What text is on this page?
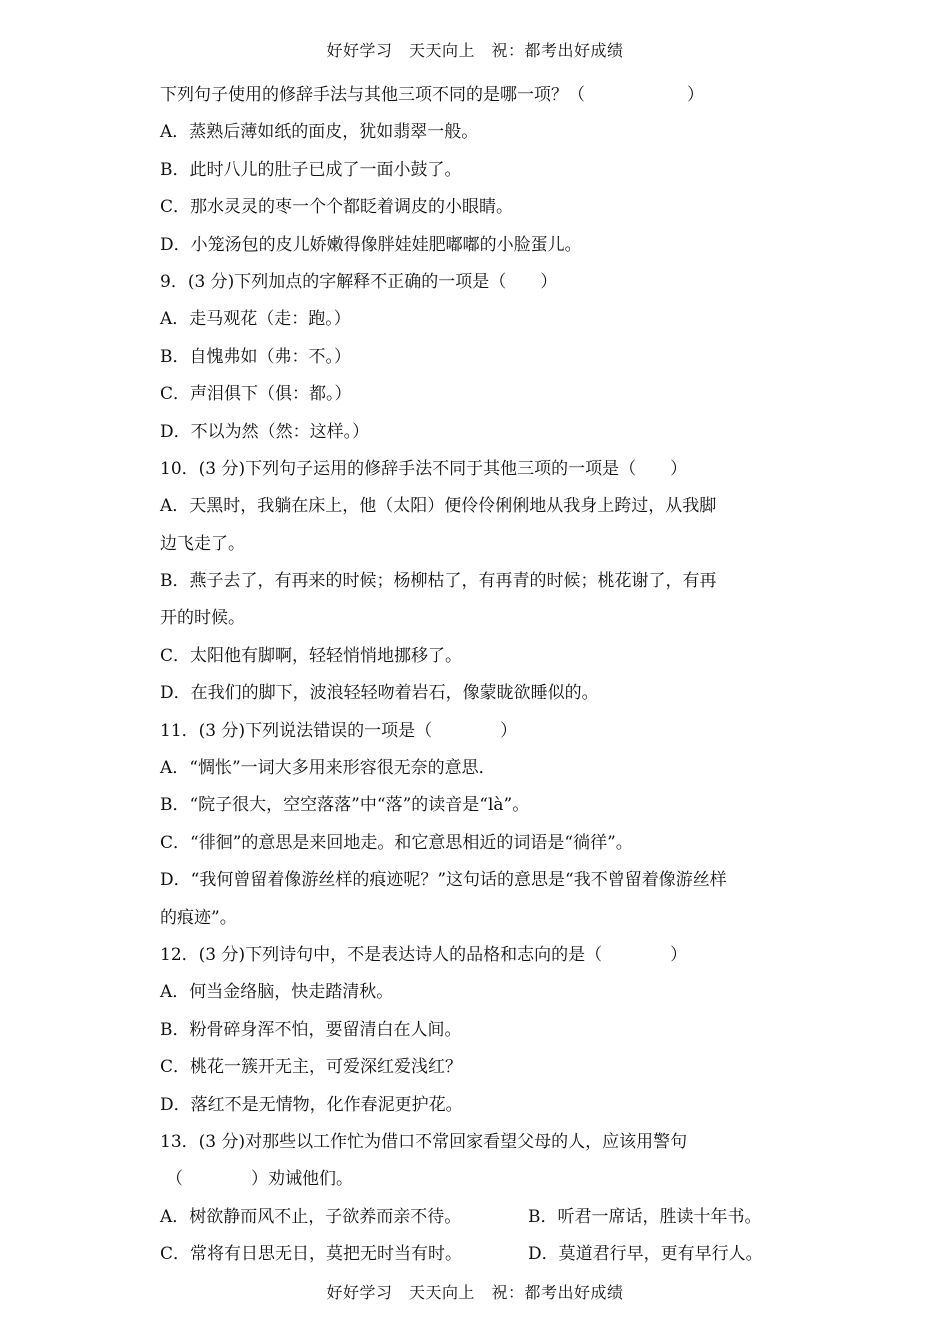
好好学习　天天向上　祝：都考出好成绩
下列句子使用的修辞手法与其他三项不同的是哪一项？（　　　　　　）
A．蒸熟后薄如纸的面皮，犹如翡翠一般。
B．此时八儿的肚子已成了一面小鼓了。
C．那水灵灵的枣一个个都眨着调皮的小眼睛。
D．小笼汤包的皮儿娇嫩得像胖娃娃肥嘟嘟的小脸蛋儿。
9．(3 分)下列加点的字解释不正确的一项是（　　）
A．走马观花（走：跑。）
B．自愧弗如（弗：不。）
C．声泪俱下（俱：都。）
D．不以为然（然：这样。）
10．(3 分)下列句子运用的修辞手法不同于其他三项的一项是（　　）
A．天黑时，我躺在床上，他（太阳）便伶伶俐俐地从我身上跨过，从我脚
边飞走了。
B．燕子去了，有再来的时候；杨柳枯了，有再青的时候；桃花谢了，有再
开的时候。
C．太阳他有脚啊，轻轻悄悄地挪移了。
D．在我们的脚下，波浪轻轻吻着岩石，像蒙眬欲睡似的。
11．(3 分)下列说法错误的一项是（　　　　）
A．“惆怅”一词大多用来形容很无奈的意思．
B．“院子很大，空空落落”中“落”的读音是“là”。
C．“徘徊”的意思是来回地走。和它意思相近的词语是“徜徉”。
D．“我何曾留着像游丝样的痕迹呢？”这句话的意思是“我不曾留着像游丝样
的痕迹”。
12．(3 分)下列诗句中，不是表达诗人的品格和志向的是（　　　　）
A．何当金络脑，快走踏清秋。
B．粉骨碎身浑不怕，要留清白在人间。
C．桃花一簇开无主，可爱深红爱浅红？
D．落红不是无情物，化作春泥更护花。
13．(3 分)对那些以工作忙为借口不常回家看望父母的人，应该用警句
（　　　　）劝诫他们。
A．树欲静而风不止，子欲养而亲不待。	B．听君一席话，胜读十年书。
C．常将有日思无日，莫把无时当有时。	D．莫道君行早，更有早行人。
好好学习　天天向上　祝：都考出好成绩
